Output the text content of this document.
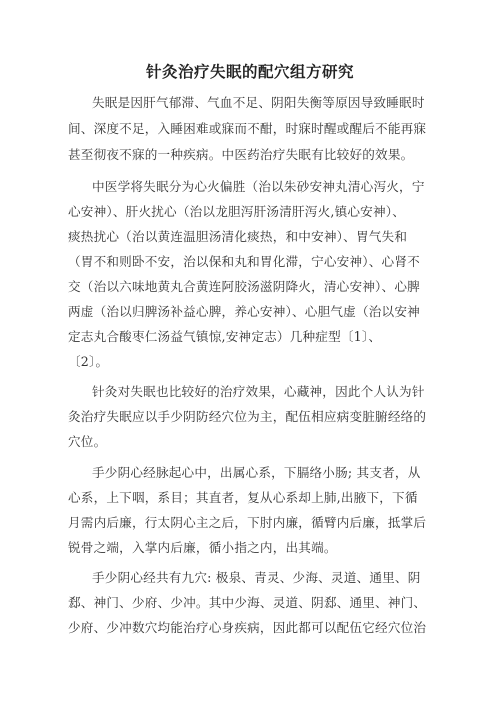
针灸治疗失眠的配穴组方研究
失眠是因肝气郁滞、气血不足、阴阳失衡等原因导致睡眠时
间、深度不足，入睡困难或寐而不酣，时寐时醒或醒后不能再寐
甚至彻夜不寐的一种疾病。中医药治疗失眠有比较好的效果。
中医学将失眠分为心火偏胜（治以朱砂安神丸清心泻火，宁
心安神）、肝火扰心（治以龙胆泻肝汤清肝泻火,镇心安神）、
痰热扰心（治以黄连温胆汤清化痰热，和中安神）、胃气失和
（胃不和则卧不安，治以保和丸和胃化滞，宁心安神）、心肾不
交（治以六味地黄丸合黄连阿胶汤滋阴降火，清心安神）、心脾
两虚（治以归脾汤补益心脾，养心安神）、心胆气虚（治以安神
定志丸合酸枣仁汤益气镇惊,安神定志）几种症型〔1〕、
〔2〕。
针灸对失眠也比较好的治疗效果，心藏神，因此个人认为针
灸治疗失眠应以手少阴防经穴位为主，配伍相应病变脏腑经络的
穴位。
手少阴心经脉起心中，出属心系，下膈络小肠; 其支者，从
心系，上下咽，系目；其直者，复从心系却上肺,出腋下，下循
月需内后廉，行太阴心主之后，下肘内廉，循臂内后廉，抵掌后
锐骨之端，入掌内后廉，循小指之内，出其端。
手少阴心经共有九穴: 极泉、青灵、少海、灵道、通里、阴
郄、神门、少府、少冲。其中少海、灵道、阴郄、通里、神门、
少府、少冲数穴均能治疗心身疾病，因此都可以配伍它经穴位治
